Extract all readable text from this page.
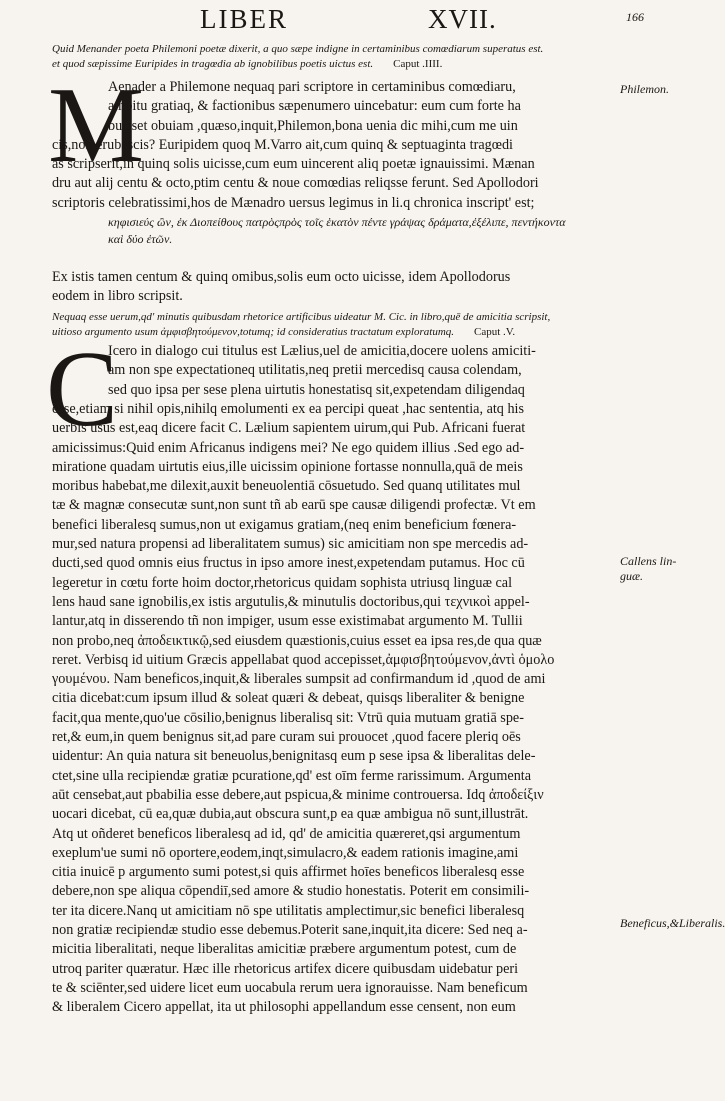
LIBER	XVII.	166
Quid Menander poeta Philemoni poetæ dixerit, a quo sæpe indigne in certaminibus comœdiarum superatus est.
et quod sæpissime Euripides in tragœdia ab ignobilibus poetis uictus est. Caput .IIII.
M
Aenader a Philemone nequaq pari scriptore in certaminibus comœdiaru,
ambitu gratiaq, & factionibus sæpenumero uincebatur: eum cum forte ha
buisset obuiam ,quæso,inquit,Philemon,bona uenia dic mihi,cum me uin
cis,non erubescis? Euripidem quoq M.Varro ait,cum quinq & septuaginta tragœdi
as scripserit,in quinq solis uicisse,cum eum uincerent aliq poetæ ignauissimi. Mænan
dru aut alij centu & octo,ptim centu & noue comœdias reliqsse ferunt. Sed Apollodori
scriptoris celebratissimi,hos de Mænadro uersus legimus in li.q chronica inscript' est;
κηφισιεύς ὢν, ἐκ Διοπείθους πατρὸςπρὸς τοῖς ἑκατὸν πέντε γράψας δράματα,ἐξέλιπε, πεντήκοντα καὶ δύο ἐτῶν.
Ex istis tamen centum & quinq omibus,solis eum octo uicisse, idem Apollodorus
eodem in libro scripsit.
Philemon.
Nequaq esse uerum,qd' minutis quibusdam rhetorice artificibus uideatur M. Cic. in libro,quē de amicitia scripsit,
uitioso argumento usum ἀμφισβητούμενον,totumq; id consideratius tractatum exploratumq. Caput .V.
C
Icero in dialogo cui titulus est Lælius,uel de amicitia,docere uolens amiciti-
am non spe expectationeq utilitatis,neq pretii mercedisq causa colendam,
sed quo ipsa per sese plena uirtutis honestatisq sit,expetendam diligendaq
esse,etiam si nihil opis,nihilq emolumenti ex ea percipi queat ,hac sententia, atq his
uerbis usus est,eaq dicere facit C. Lælium sapientem uirum,qui Pub. Africani fuerat
amicissimus:Quid enim Africanus indigens mei? Ne ego quidem illius .Sed ego ad-
miratione quadam uirtutis eius,ille uicissim opinione fortasse nonnulla,quā de meis
moribus habebat,me dilexit,auxit beneuolentiā cōsuetudo. Sed quanq utilitates mul
tæ & magnæ consecutæ sunt,non sunt tñ ab earū spe causæ diligendi profectæ. Vt em
benefici liberalesq sumus,non ut exigamus gratiam,(neq enim beneficium fœnera-
mur,sed natura propensi ad liberalitatem sumus) sic amicitiam non spe mercedis ad-
ducti,sed quod omnis eius fructus in ipso amore inest,expetendam putamus. Hoc cū
legeretur in cœtu forte hoim doctor,rhetoricus quidam sophista utriusq linguæ cal
lens haud sane ignobilis,ex istis argutulis,& minutulis doctoribus,qui τεχνικοὶ appel-
lantur,atq in disserendo tñ non impiger, usum esse existimabat argumento M. Tullii
non probo,neq ἀποδεικτικῷ,sed eiusdem quæstionis,cuius esset ea ipsa res,de qua quæ
reret. Verbisq id uitium Græcis appellabat quod accepisset,ἀμφισβητούμενον,ἀντὶ ὁμολο
γουμένου. Nam beneficos,inquit,& liberales sumpsit ad confirmandum id ,quod de ami
citia dicebat:cum ipsum illud & soleat quæri & debeat, quisqs liberaliter & benigne
facit,qua mente,quo'ue cōsilio,benignus liberalisq sit: Vtrū quia mutuam gratiā spe-
ret,& eum,in quem benignus sit,ad pare curam sui prouocet ,quod facere pleriq oēs
uidentur: An quia natura sit beneuolus,benignitasq eum p sese ipsa & liberalitas dele-
ctet,sine ulla recipiendæ gratiæ pcuratione,qd' est oīm ferme rarissimum. Argumenta
aūt censebat,aut pbabilia esse debere,aut pspicua,& minime controuersa. Idq ἀποδείξιν
uocari dicebat, cū ea,quæ dubia,aut obscura sunt,p ea quæ ambigua nō sunt,illustrāt.
Atq ut oñderet beneficos liberalesq ad id, qd' de amicitia quæreret,qsi argumentum
exeplum'ue sumi nō oportere,eodem,inqt,simulacro,& eadem rationis imagine,ami
citia inuicē p argumento sumi potest,si quis affirmet hoīes beneficos liberalesq esse
debere,non spe aliqua cōpendiī,sed amore & studio honestatis. Poterit em consimili-
ter ita dicere.Nanq ut amicitiam nō spe utilitatis amplectimur,sic benefici liberalesq
non gratiæ recipiendæ studio esse debemus.Poterit sane,inquit,ita dicere: Sed neq a-
micitia liberalitati, neque liberalitas amicitiæ præbere argumentum potest, cum de
utroq pariter quæratur. Hæc ille rhetoricus artifex dicere quibusdam uidebatur peri
te & sciēnter,sed uidere licet eum uocabula rerum uera ignorauisse. Nam beneficum
& liberalem Cicero appellat, ita ut philosophi appellandum esse censent, non eum
Callens lin-guæ.
Beneficus,&Liberalis.
